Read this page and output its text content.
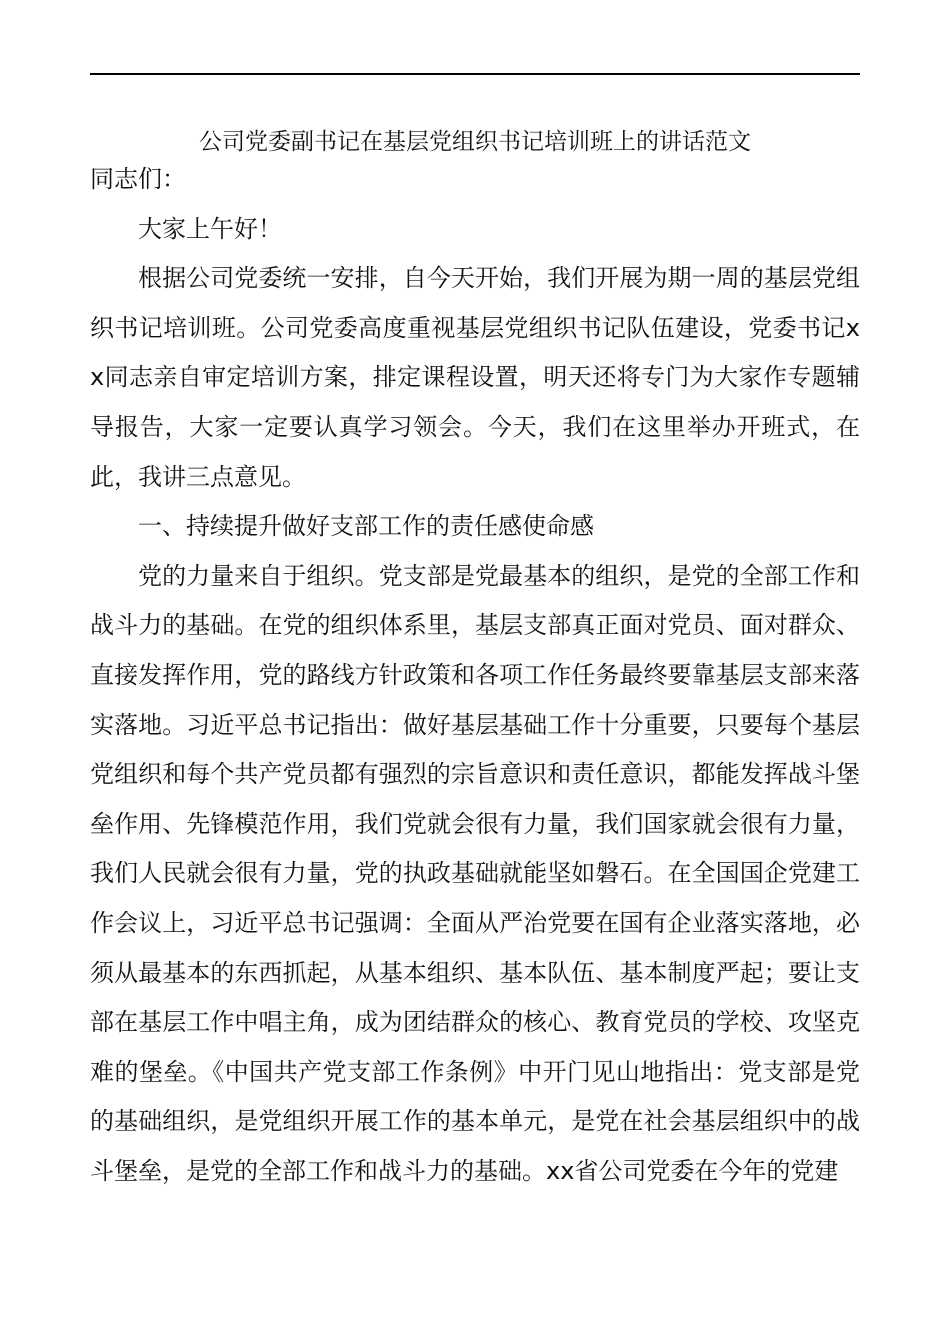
公司党委副书记在基层党组织书记培训班上的讲话范文

同志们：

大家上午好！

根据公司党委统一安排，自今天开始，我们开展为期一周的基层党组织书记培训班。公司党委高度重视基层党组织书记队伍建设，党委书记xx同志亲自审定培训方案，排定课程设置，明天还将专门为大家作专题辅导报告，大家一定要认真学习领会。今天，我们在这里举办开班式，在此，我讲三点意见。

一、持续提升做好支部工作的责任感使命感

党的力量来自于组织。党支部是党最基本的组织，是党的全部工作和战斗力的基础。在党的组织体系里，基层支部真正面对党员、面对群众、直接发挥作用，党的路线方针政策和各项工作任务最终要靠基层支部来落实落地。习近平总书记指出：做好基层基础工作十分重要，只要每个基层党组织和每个共产党员都有强烈的宗旨意识和责任意识，都能发挥战斗堡垒作用、先锋模范作用，我们党就会很有力量，我们国家就会很有力量，我们人民就会很有力量，党的执政基础就能坚如磐石。在全国国企党建工作会议上，习近平总书记强调：全面从严治党要在国有企业落实落地，必须从最基本的东西抓起，从基本组织、基本队伍、基本制度严起；要让支部在基层工作中唱主角，成为团结群众的核心、教育党员的学校、攻坚克难的堡垒。《中国共产党支部工作条例》中开门见山地指出：党支部是党的基础组织，是党组织开展工作的基本单元，是党在社会基层组织中的战斗堡垒，是党的全部工作和战斗力的基础。xx省公司党委在今年的党建
